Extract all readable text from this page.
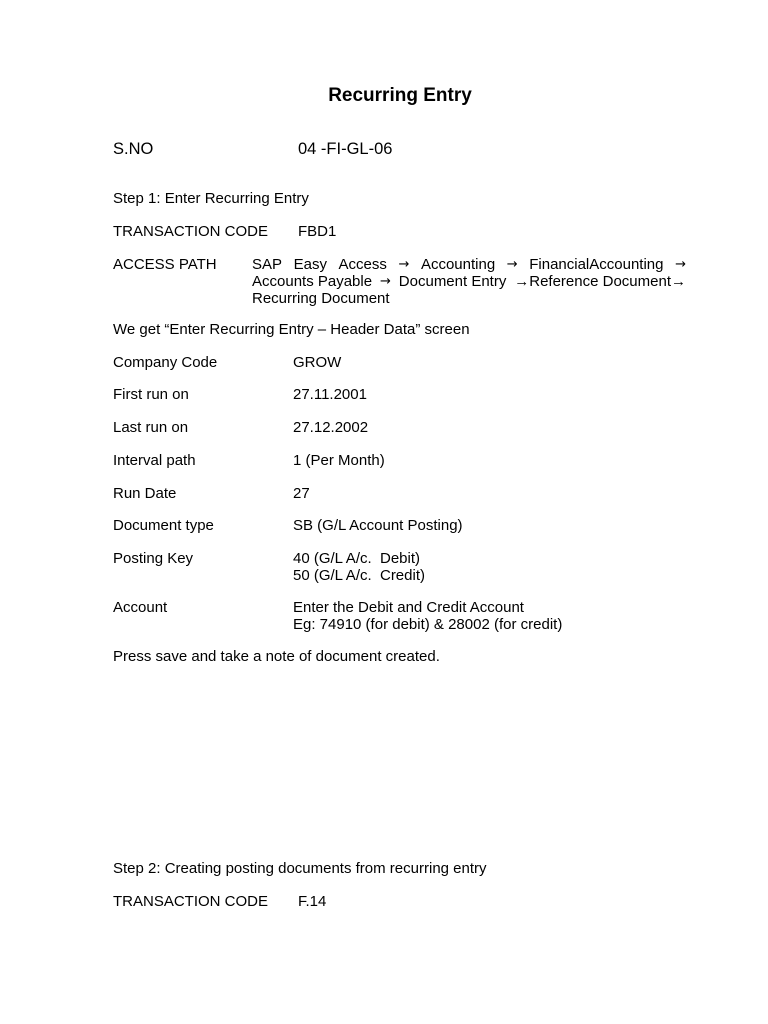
Recurring Entry
S.NO	04 -FI-GL-06
Step 1: Enter Recurring Entry
TRANSACTION CODE FBD1
ACCESS PATH SAP Easy Access → Accounting → FinancialAccounting →
Accounts Payable → Document Entry →Reference Document→
Recurring Document
We get “Enter Recurring Entry – Header Data” screen
Company Code	GROW
First run on	27.11.2001
Last run on	27.12.2002
Interval path	1 (Per Month)
Run Date	27
Document type	SB (G/L Account Posting)
Posting Key	40 (G/L A/c.  Debit)
50 (G/L A/c.  Credit)
Account	Enter the Debit and Credit Account
Eg: 74910 (for debit) & 28002 (for credit)
Press save and take a note of document created.
Step 2: Creating posting documents from recurring entry
TRANSACTION CODE F.14
